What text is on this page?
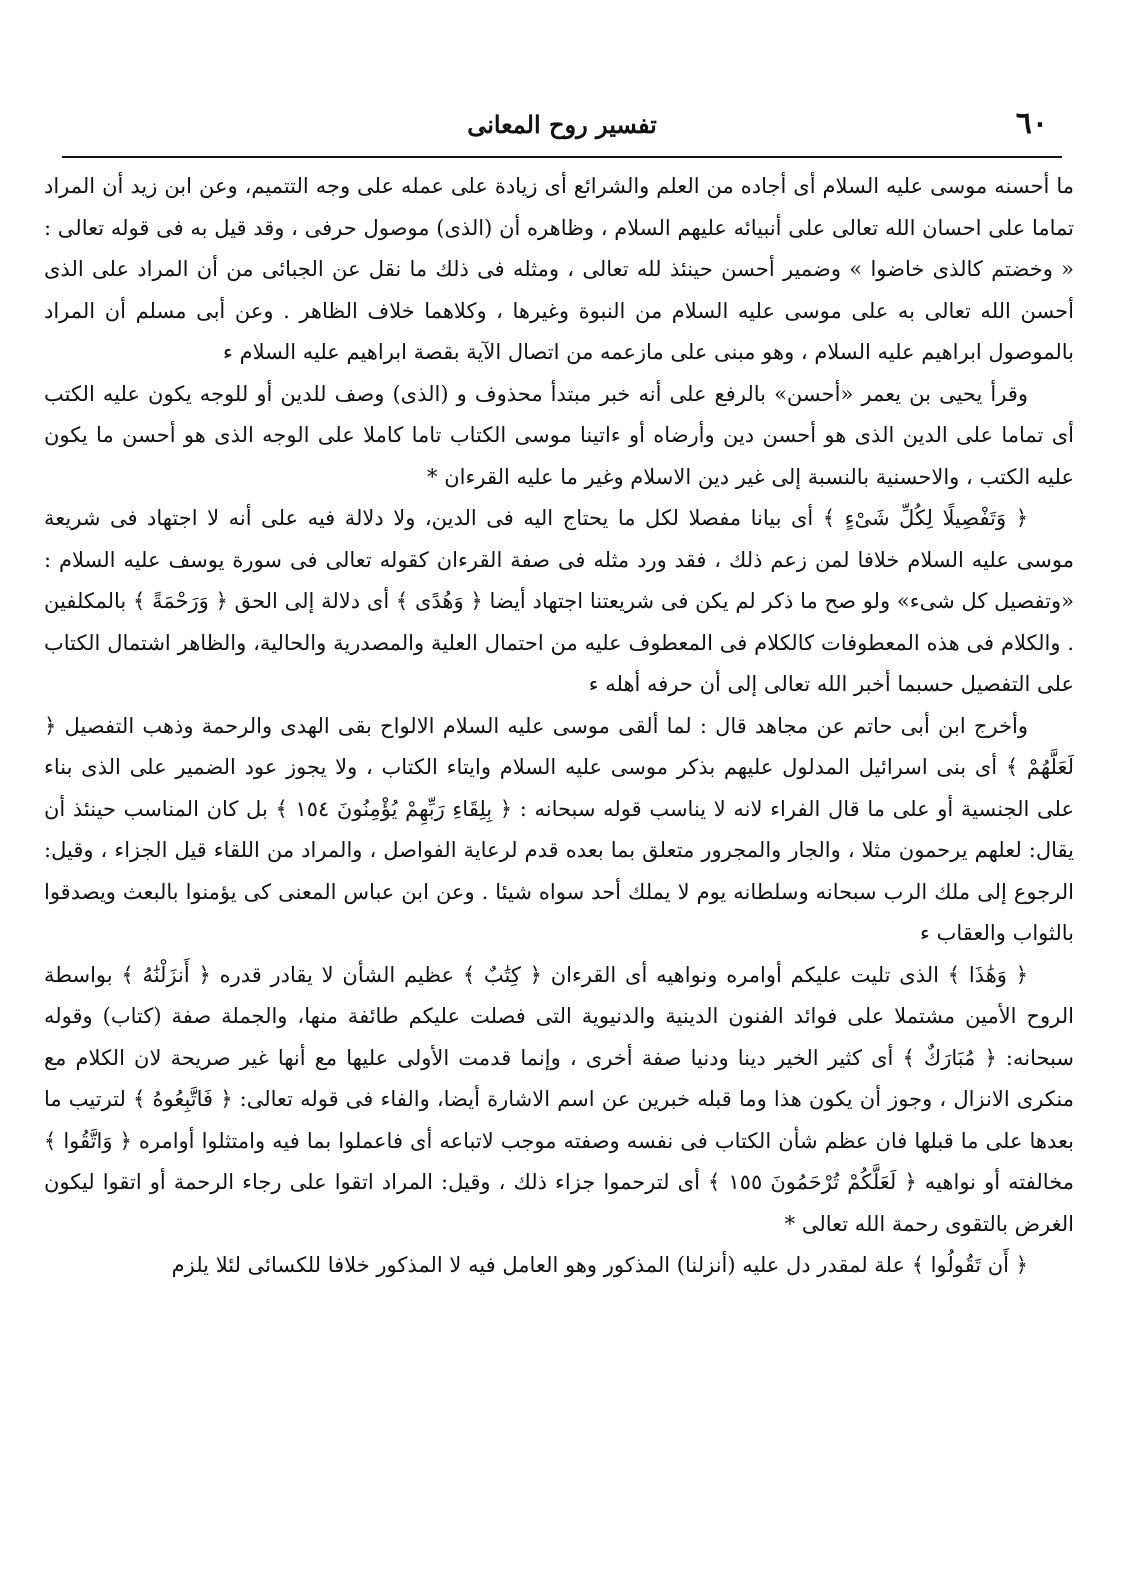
٦٠
تفسير روح المعانى

ما أحسنه موسى عليه السلام أى أجاده من العلم والشرائع أى زيادة على عمله على وجه التتميم، وعن ابن زيد أن المراد تماما على احسان الله تعالى على أنبيائه عليهم السلام ، وظاهره أن (الذى) موصول حرفى ، وقد قيل به فى قوله تعالى : « وخضتم كالذى خاضوا » وضمير أحسن حينئذ لله تعالى ، ومثله فى ذلك ما نقل عن الجبائى من أن المراد على الذى أحسن الله تعالى به على موسى عليه السلام من النبوة وغيرها ، وكلاهما خلاف الظاهر . وعن أبى مسلم أن المراد بالموصول ابراهيم عليه السلام ، وهو مبنى على مازعمه من اتصال الآية بقصة ابراهيم عليه السلام ء

وقرأ يحيى بن يعمر «أحسن» بالرفع على أنه خبر مبتدأ محذوف و (الذى) وصف للدين أو للوجه يكون عليه الكتب أى تماما على الدين الذى هو أحسن دين وأرضاه أو ءاتينا موسى الكتاب تاما كاملا على الوجه الذى هو أحسن ما يكون عليه الكتب ، والاحسنية بالنسبة إلى غير دين الاسلام وغير ما عليه القرءان *

﴿ وَتَفْصِيلًا لِكُلِّ شَىْءٍ ﴾ أى بيانا مفصلا لكل ما يحتاج اليه فى الدين، ولا دلالة فيه على أنه لا اجتهاد فى شريعة موسى عليه السلام خلافا لمن زعم ذلك ، فقد ورد مثله فى صفة القرءان كقوله تعالى فى سورة يوسف عليه السلام : «وتفصيل كل شىء» ولو صح ما ذكر لم يكن فى شريعتنا اجتهاد أيضا ﴿ وَهُدًى ﴾ أى دلالة إلى الحق ﴿ وَرَحْمَةً ﴾ بالمكلفين . والكلام فى هذه المعطوفات كالكلام فى المعطوف عليه من احتمال العلية والمصدرية والحالية، والظاهر اشتمال الكتاب على التفصيل حسبما أخبر الله تعالى إلى أن حرفه أهله ء

وأخرج ابن أبى حاتم عن مجاهد قال : لما ألقى موسى عليه السلام الالواح بقى الهدى والرحمة وذهب التفصيل ﴿ لَعَلَّهُمْ ﴾ أى بنى اسرائيل المدلول عليهم بذكر موسى عليه السلام وايتاء الكتاب ، ولا يجوز عود الضمير على الذى بناء على الجنسية أو على ما قال الفراء لانه لا يناسب قوله سبحانه : ﴿ بِلِقَاءِ رَبِّهِمْ يُؤْمِنُونَ ١٥٤ ﴾ بل كان المناسب حينئذ أن يقال: لعلهم يرحمون مثلا ، والجار والمجرور متعلق بما بعده قدم لرعاية الفواصل ، والمراد من اللقاء قيل الجزاء ، وقيل: الرجوع إلى ملك الرب سبحانه وسلطانه يوم لا يملك أحد سواه شيئا . وعن ابن عباس المعنى كى يؤمنوا بالبعث ويصدقوا بالثواب والعقاب ء

﴿ وَهَٰذَا ﴾ الذى تليت عليكم أوامره ونواهيه أى القرءان ﴿ كِتَٰبٌ ﴾ عظيم الشأن لا يقادر قدره ﴿ أَنزَلْنَٰهُ ﴾ بواسطة الروح الأمين مشتملا على فوائد الفنون الدينية والدنيوية التى فصلت عليكم طائفة منها، والجملة صفة (كتاب) وقوله سبحانه: ﴿ مُبَارَكٌ ﴾ أى كثير الخير دينا ودنيا صفة أخرى ، وإنما قدمت الأولى عليها مع أنها غير صريحة لان الكلام مع منكرى الانزال ، وجوز أن يكون هذا وما قبله خبرين عن اسم الاشارة أيضا، والفاء فى قوله تعالى: ﴿ فَاتَّبِعُوهُ ﴾ لترتيب ما بعدها على ما قبلها فان عظم شأن الكتاب فى نفسه وصفته موجب لاتباعه أى فاعملوا بما فيه وامتثلوا أوامره ﴿ وَاتَّقُوا ﴾ مخالفته أو نواهيه ﴿ لَعَلَّكُمْ تُرْحَمُونَ ١٥٥ ﴾ أى لترحموا جزاء ذلك ، وقيل: المراد اتقوا على رجاء الرحمة أو اتقوا ليكون الغرض بالتقوى رحمة الله تعالى *

﴿ أَن تَقُولُوا ﴾ علة لمقدر دل عليه (أنزلنا) المذكور وهو العامل فيه لا المذكور خلافا للكسائى لئلا يلزم
